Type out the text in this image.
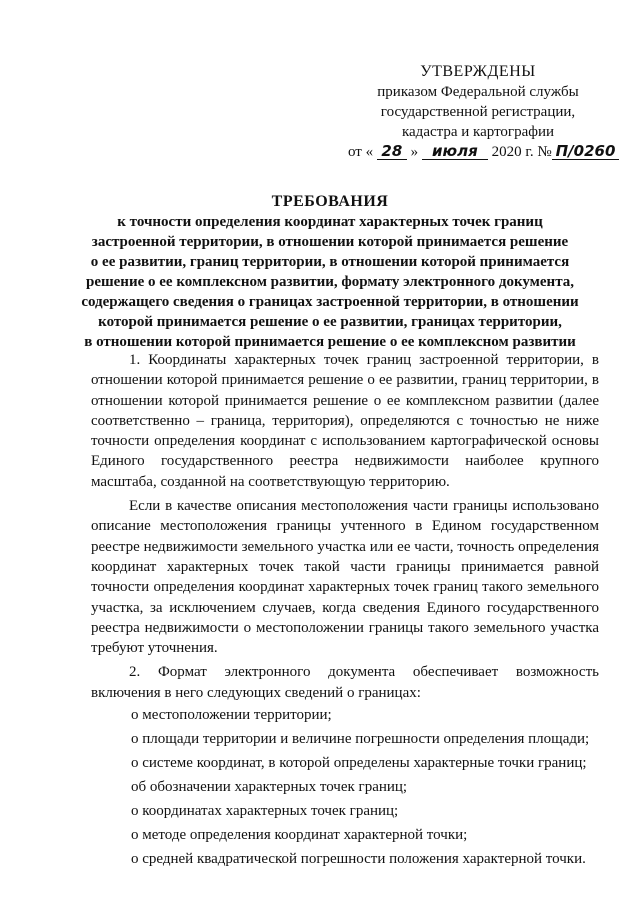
УТВЕРЖДЕНЫ
приказом Федеральной службы
государственной регистрации,
кадастра и картографии
от « 28 » июля 2020 г. № П/0260
ТРЕБОВАНИЯ
к точности определения координат характерных точек границ
застроенной территории, в отношении которой принимается решение
о ее развитии, границ территории, в отношении которой принимается
решение о ее комплексном развитии, формату электронного документа,
содержащего сведения о границах застроенной территории, в отношении
которой принимается решение о ее развитии, границах территории,
в отношении которой принимается решение о ее комплексном развитии

1. Координаты характерных точек границ застроенной территории, в отношении которой принимается решение о ее развитии, границ территории, в отношении которой принимается решение о ее комплексном развитии (далее соответственно – граница, территория), определяются с точностью не ниже точности определения координат с использованием картографической основы Единого государственного реестра недвижимости наиболее крупного масштаба, созданной на соответствующую территорию.

Если в качестве описания местоположения части границы использовано описание местоположения границы учтенного в Едином государственном реестре недвижимости земельного участка или ее части, точность определения координат характерных точек такой части границы принимается равной точности определения координат характерных точек границ такого земельного участка, за исключением случаев, когда сведения Единого государственного реестра недвижимости о местоположении границы такого земельного участка требуют уточнения.

2. Формат электронного документа обеспечивает возможность включения в него следующих сведений о границах:

о местоположении территории;

о площади территории и величине погрешности определения площади;

о системе координат, в которой определены характерные точки границ;

об обозначении характерных точек границ;

о координатах характерных точек границ;

о методе определения координат характерной точки;

о средней квадратической погрешности положения характерной точки.
